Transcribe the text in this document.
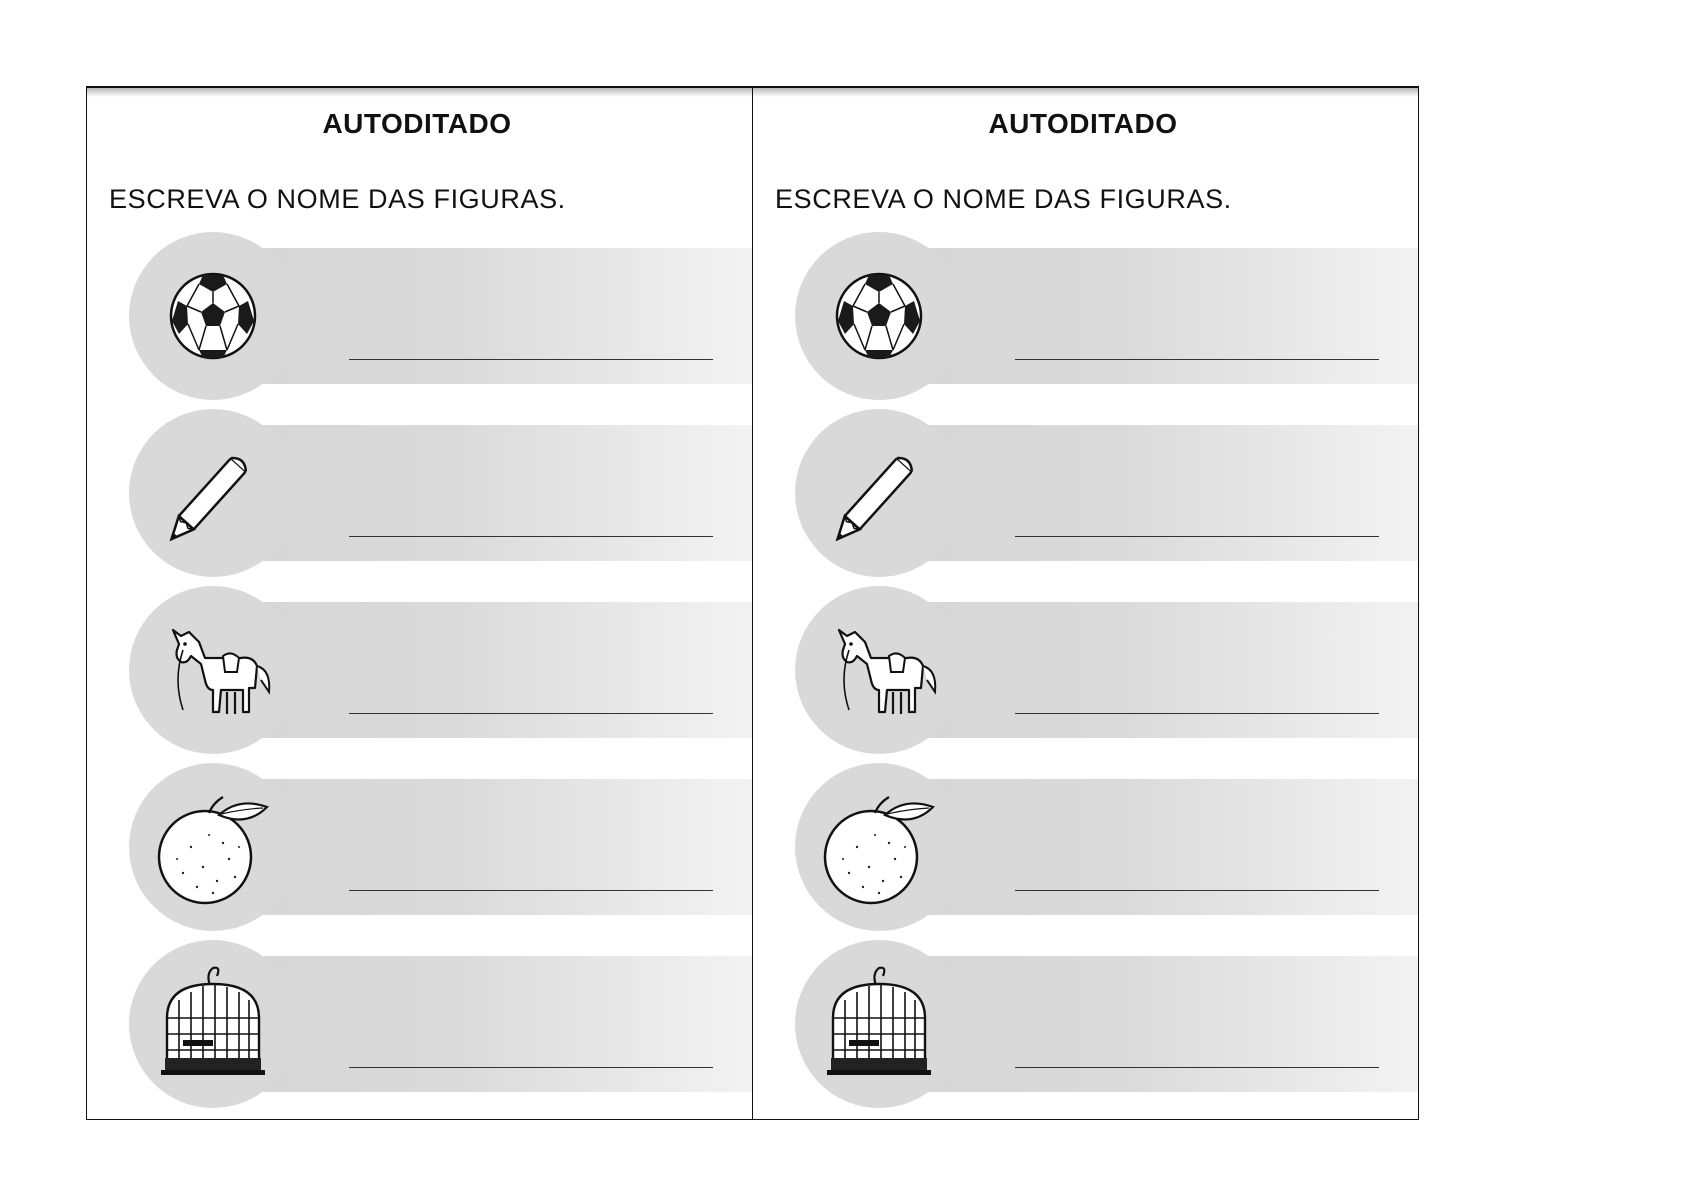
AUTODITADO
ESCREVA O NOME DAS FIGURAS.
AUTODITADO
ESCREVA O NOME DAS FIGURAS.
